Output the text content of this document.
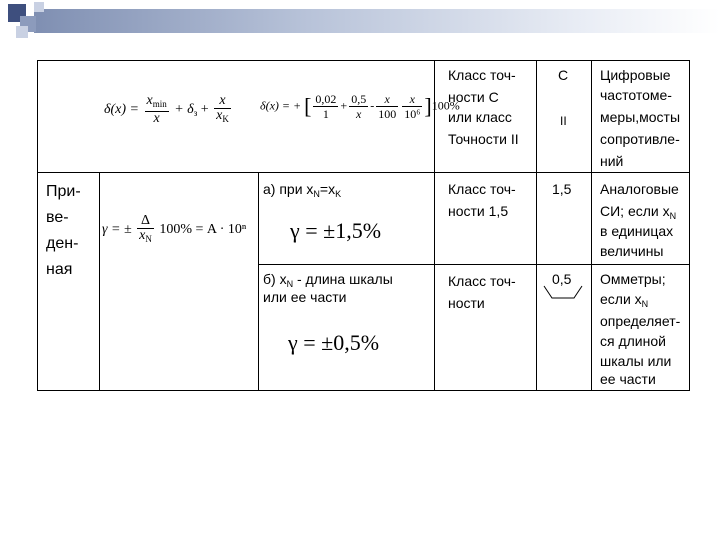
$\delta(x) = \frac{x_{min}}{x} + \delta_з + \frac{x}{x_K} \delta(x)$ = + [ $\frac{0,02}{1} + \frac{0,5}{x} - \frac{x}{100} \frac{x}{\text{10⁶}} ]100\%$
Класс точ-
ности С
или класс
Точности II
C
II
Цифровые
частотоме-
меры,мосты
сопротивле-
ний
При-
ве-
ден-
ная
γ = ± $\frac{\Delta}{x_N} 100\% = A \cdot 10^n$
а) при $x_N=x_K$
γ = ±1,5%
б) $x_N$ - длина шкалы
или ее части
γ = ±0,5%
Класс точ-
ности 1,5
1,5 Аналоговые
СИ; если $x_N$
в единицах
величины
Класс точ-
ности
0,5 Омметры;
если $x_N$
определяет-
ся длиной
шкалы или
ее части
